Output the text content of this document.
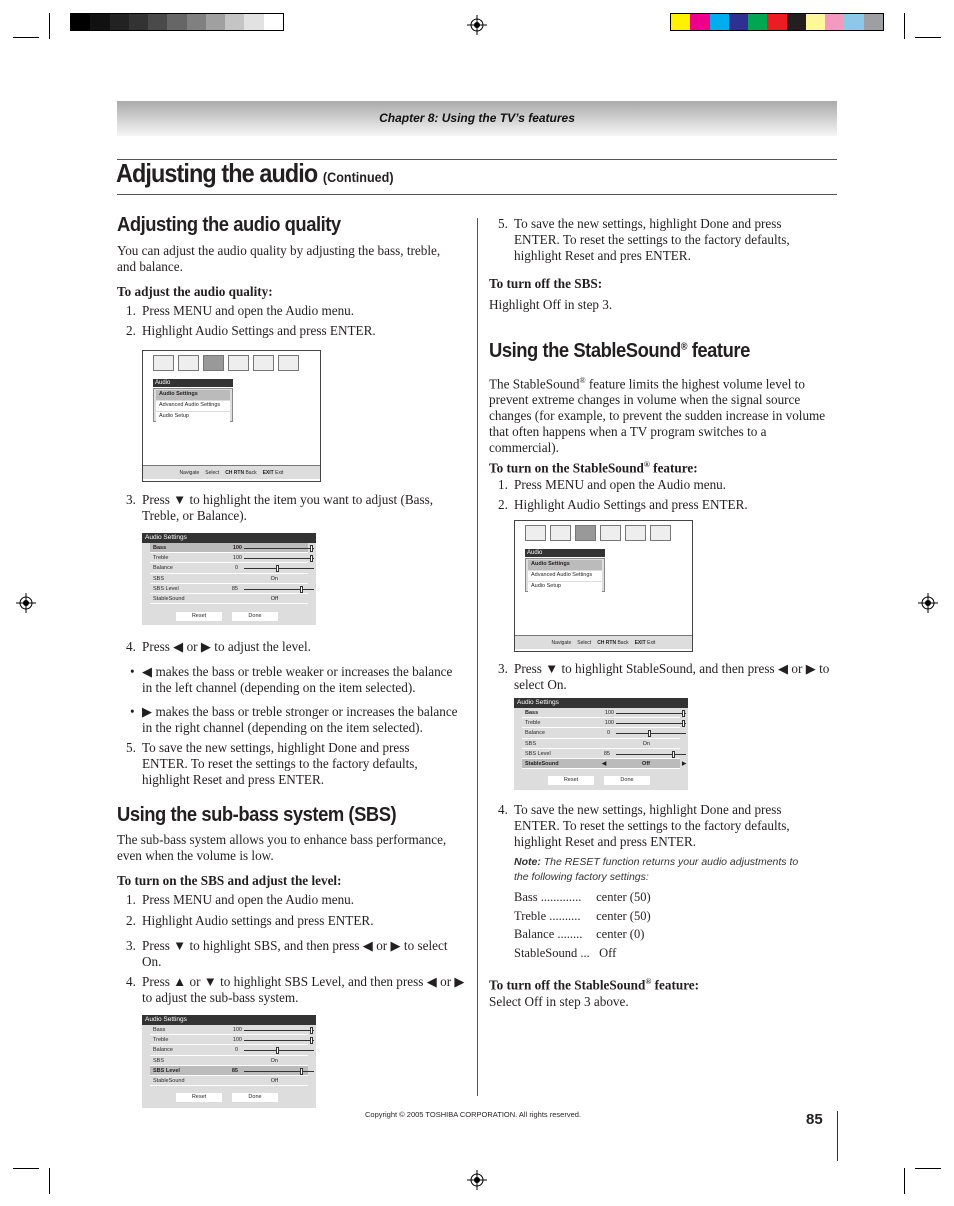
Chapter 8: Using the TV’s features
Adjusting the audio (Continued)
Adjusting the audio quality
You can adjust the audio quality by adjusting the bass, treble, and balance.
To adjust the audio quality:
1. Press MENU and open the Audio menu.
2. Highlight Audio Settings and press ENTER.
Audio
Audio Settings
Advanced Audio Settings
Audio Setup
Navigate Select CH RTN Back EXIT Exit
3. Press ▼ to highlight the item you want to adjust (Bass, Treble, or Balance).
Audio Settings
Bass	100
Treble	100
Balance	0
SBS	On
SBS Level	85
StableSound	Off
Reset	Done
4. Press ◀ or ▶ to adjust the level.
• ◀ makes the bass or treble weaker or increases the balance in the left channel (depending on the item selected).
• ▶ makes the bass or treble stronger or increases the balance in the right channel (depending on the item selected).
5. To save the new settings, highlight Done and press ENTER. To reset the settings to the factory defaults, highlight Reset and press ENTER.
Using the sub-bass system (SBS)
The sub-bass system allows you to enhance bass performance, even when the volume is low.
To turn on the SBS and adjust the level:
1. Press MENU and open the Audio menu.
2. Highlight Audio settings and press ENTER.
3. Press ▼ to highlight SBS, and then press ◀ or ▶ to select On.
4. Press ▲ or ▼ to highlight SBS Level, and then press ◀ or ▶ to adjust the sub-bass system.
Audio Settings
Bass	100
Treble	100
Balance	0
SBS	On
SBS Level	85
StableSound	Off
Reset	Done
5. To save the new settings, highlight Done and press ENTER. To reset the settings to the factory defaults, highlight Reset and pres ENTER.
To turn off the SBS:
Highlight Off in step 3.
Using the StableSound® feature
The StableSound® feature limits the highest volume level to prevent extreme changes in volume when the signal source changes (for example, to prevent the sudden increase in volume that often happens when a TV program switches to a commercial).
To turn on the StableSound® feature:
1. Press MENU and open the Audio menu.
2. Highlight Audio Settings and press ENTER.
Audio
Audio Settings
Advanced Audio Settings
Audio Setup
Navigate Select CH RTN Back EXIT Exit
3. Press ▼ to highlight StableSound, and then press ◀ or ▶ to select On.
Audio Settings
Bass	100
Treble	100
Balance	0
SBS	On
SBS Level	85
StableSound	◀	Off	▶
Reset	Done
4. To save the new settings, highlight Done and press ENTER. To reset the settings to the factory defaults, highlight Reset and press ENTER.
Note: The RESET function returns your audio adjustments to the following factory settings:
Bass ............. center (50)
Treble .......... center (50)
Balance ........ center (0)
StableSound ... Off
To turn off the StableSound® feature:
Select Off in step 3 above.
Copyright © 2005 TOSHIBA CORPORATION. All rights reserved.	85
